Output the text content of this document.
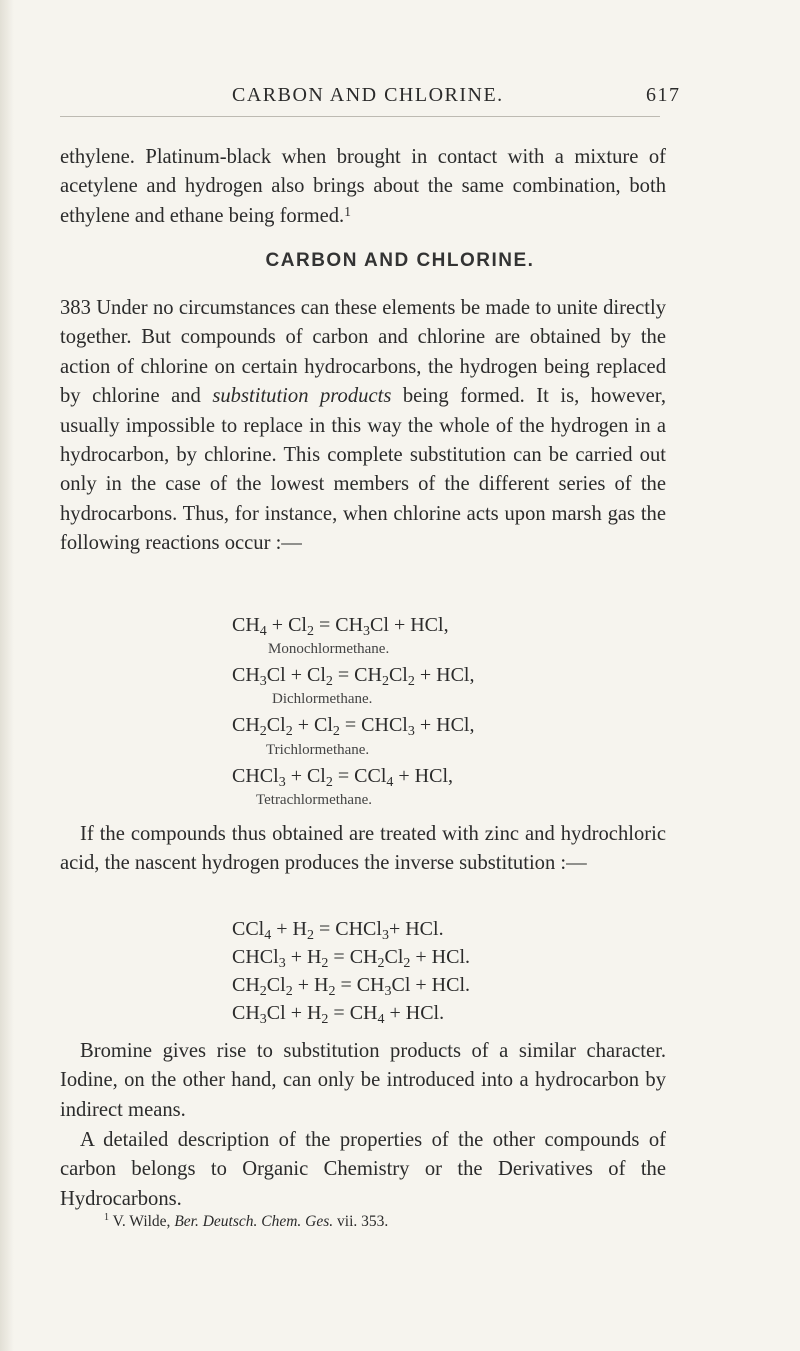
CARBON AND CHLORINE.	617

ethylene. Platinum-black when brought in contact with a mixture of acetylene and hydrogen also brings about the same combination, both ethylene and ethane being formed.$^1$

CARBON AND CHLORINE.

383 Under no circumstances can these elements be made to unite directly together. But compounds of carbon and chlorine are obtained by the action of chlorine on certain hydrocarbons, the hydrogen being replaced by chlorine and substitution products being formed. It is, however, usually impossible to replace in this way the whole of the hydrogen in a hydrocarbon, by chlorine. This complete substitution can be carried out only in the case of the lowest members of the different series of the hydrocarbons. Thus, for instance, when chlorine acts upon marsh gas the following reactions occur :—

$CH_4 + Cl_2 = CH_3Cl$ + HCl,
Monochlormethane.
$CH_3Cl + Cl_2 = CH_2Cl_2$ + HCl,
Dichlormethane.
$CH_2Cl_2 + Cl_2$ = CHCl$_3$ + HCl,
Trichlormethane.
CHCl$_3$ + $Cl_2 = CCl_4$ + HCl,
Tetrachlormethane.

If the compounds thus obtained are treated with zinc and hydrochloric acid, the nascent hydrogen produces the inverse substitution :—

$CCl_4 + H_2$ = CHCl$_3$+ HCl.
CHCl$_3$ + $H_2 = CH_2Cl_2$ + HCl.
$CH_2Cl_2 + H_2 = CH_3Cl$ + HCl.
$CH_3Cl + H_2 = CH_4$ + HCl.

Bromine gives rise to substitution products of a similar character. Iodine, on the other hand, can only be introduced into a hydrocarbon by indirect means.

A detailed description of the properties of the other compounds of carbon belongs to Organic Chemistry or the Derivatives of the Hydrocarbons.

$^1$ V. Wilde, Ber. Deutsch. Chem. Ges. vii. 353.
